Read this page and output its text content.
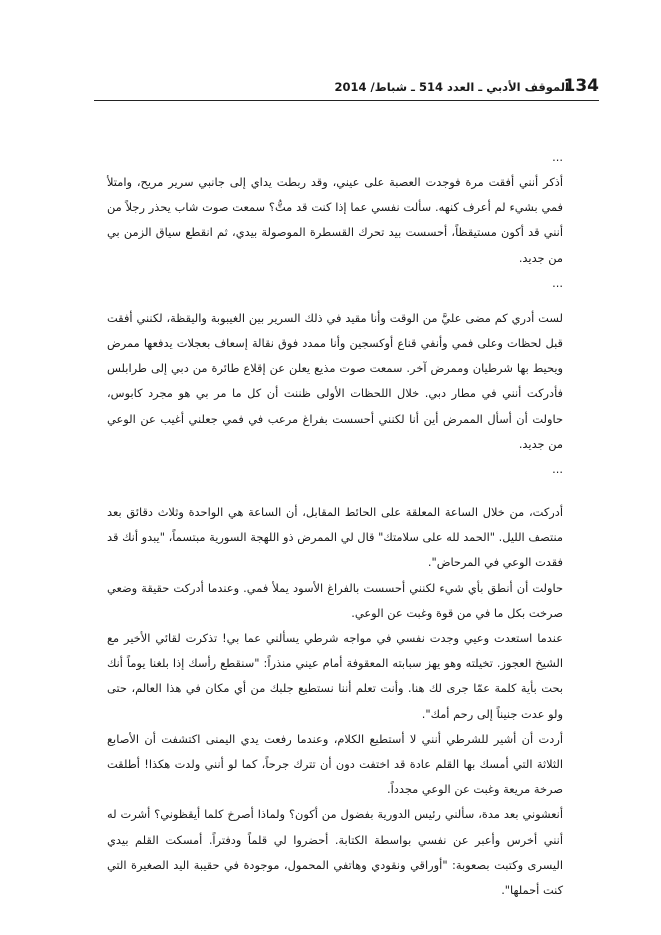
134
الموقف الأدبي ـ العدد 514 ـ شباط/ 2014

...

أذكر أنني أفقت مرة فوجدت العصبة على عيني، وقد ربطت يداي إلى جانبي سرير مريح، وامتلأ فمي بشيء لم أعرف كنهه. سألت نفسي عما إذا كنت قد متُّ؟ سمعت صوت شاب يحذر رجلاً من أنني قد أكون مستيقظاً، أحسست بيد تحرك القسطرة الموصولة بيدي، ثم انقطع سياق الزمن بي من جديد.

...

لست أدري كم مضى عليَّ من الوقت وأنا مقيد في ذلك السرير بين الغيبوبة واليقظة، لكنني أفقت قبل لحظات وعلى فمي وأنفي قناع أوكسجين وأنا ممدد فوق نقالة إسعاف بعجلات يدفعها ممرض ويحيط بها شرطيان وممرض آخر. سمعت صوت مذيع يعلن عن إقلاع طائرة من دبي إلى طرابلس فأدركت أنني في مطار دبي. خلال اللحظات الأولى ظننت أن كل ما مر بي هو مجرد كابوس، حاولت أن أسأل الممرض أين أنا لكنني أحسست بفراغ مرعب في فمي جعلني أغيب عن الوعي من جديد.

...

أدركت، من خلال الساعة المعلقة على الحائط المقابل، أن الساعة هي الواحدة وثلاث دقائق بعد منتصف الليل. "الحمد لله على سلامتك" قال لي الممرض ذو اللهجة السورية مبتسماً، "يبدو أنك قد فقدت الوعي في المرحاض".

حاولت أن أنطق بأي شيء لكنني أحسست بالفراغ الأسود يملأ فمي. وعندما أدركت حقيقة وضعي صرخت بكل ما في من قوة وغبت عن الوعي.

عندما استعدت وعيي وجدت نفسي في مواجه شرطي يسألني عما بي! تذكرت لقائي الأخير مع الشيخ العجوز. تخيلته وهو يهز سبابته المعقوفة أمام عيني منذراً: "سنقطع رأسك إذا بلغنا يوماً أنك بحت بأية كلمة عمّا جرى لك هنا. وأنت تعلم أننا نستطيع جلبك من أي مكان في هذا العالم، حتى ولو عدت جنيناً إلى رحم أمك".

أردت أن أشير للشرطي أنني لا أستطيع الكلام، وعندما رفعت يدي اليمنى اكتشفت أن الأصابع الثلاثة التي أمسك بها القلم عادة قد اختفت دون أن تترك جرحاً، كما لو أنني ولدت هكذا! أطلقت صرخة مريعة وغبت عن الوعي مجدداً.

أنعشوني بعد مدة، سألني رئيس الدورية بفضول من أكون؟ ولماذا أصرخ كلما أيقظوني؟ أشرت له أنني أخرس وأعبر عن نفسي بواسطة الكتابة. أحضروا لي قلماً ودفتراً. أمسكت القلم بيدي اليسرى وكتبت بصعوبة: "أوراقي ونقودي وهاتفي المحمول، موجودة في حقيبة اليد الصغيرة التي كنت أحملها".
